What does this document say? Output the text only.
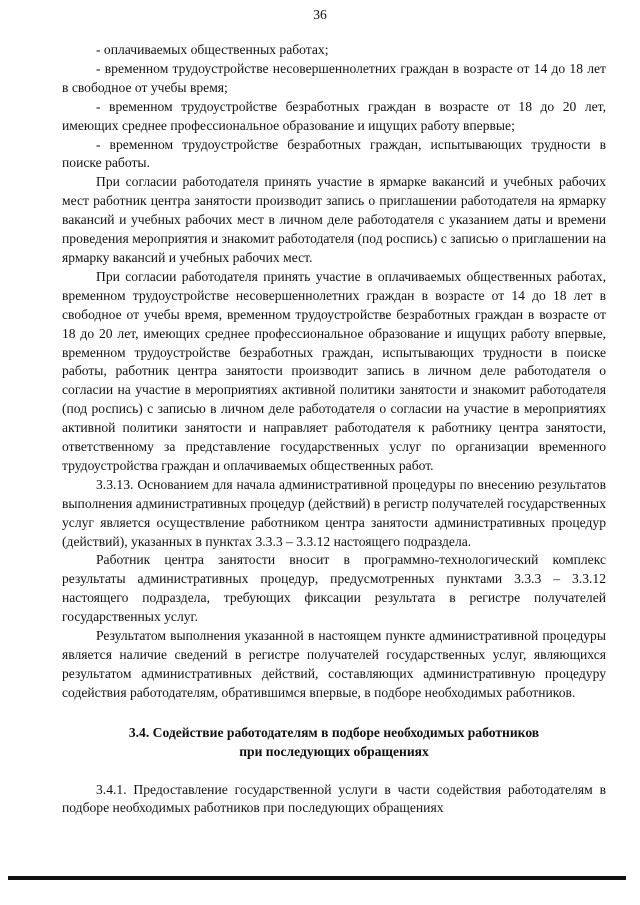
36

- оплачиваемых общественных работах;

- временном трудоустройстве несовершеннолетних граждан в возрасте от 14 до 18 лет в свободное от учебы время;

- временном трудоустройстве безработных граждан в возрасте от 18 до 20 лет, имеющих среднее профессиональное образование и ищущих работу впервые;

- временном трудоустройстве безработных граждан, испытывающих трудности в поиске работы.

При согласии работодателя принять участие в ярмарке вакансий и учебных рабочих мест работник центра занятости производит запись о приглашении работодателя на ярмарку вакансий и учебных рабочих мест в личном деле работодателя с указанием даты и времени проведения мероприятия и знакомит работодателя (под роспись) с записью о приглашении на ярмарку вакансий и учебных рабочих мест.

При согласии работодателя принять участие в оплачиваемых общественных работах, временном трудоустройстве несовершеннолетних граждан в возрасте от 14 до 18 лет в свободное от учебы время, временном трудоустройстве безработных граждан в возрасте от 18 до 20 лет, имеющих среднее профессиональное образование и ищущих работу впервые, временном трудоустройстве безработных граждан, испытывающих трудности в поиске работы, работник центра занятости производит запись в личном деле работодателя о согласии на участие в мероприятиях активной политики занятости и знакомит работодателя (под роспись) с записью в личном деле работодателя о согласии на участие в мероприятиях активной политики занятости и направляет работодателя к работнику центра занятости, ответственному за представление государственных услуг по организации временного трудоустройства граждан и оплачиваемых общественных работ.

3.3.13. Основанием для начала административной процедуры по внесению результатов выполнения административных процедур (действий) в регистр получателей государственных услуг является осуществление работником центра занятости административных процедур (действий), указанных в пунктах 3.3.3 – 3.3.12 настоящего подраздела.

Работник центра занятости вносит в программно-технологический комплекс результаты административных процедур, предусмотренных пунктами 3.3.3 – 3.3.12 настоящего подраздела, требующих фиксации результата в регистре получателей государственных услуг.

Результатом выполнения указанной в настоящем пункте административной процедуры является наличие сведений в регистре получателей государственных услуг, являющихся результатом административных действий, составляющих административную процедуру содействия работодателям, обратившимся впервые, в подборе необходимых работников.

3.4. Содействие работодателям в подборе необходимых работников
при последующих обращениях

3.4.1. Предоставление государственной услуги в части содействия работодателям в подборе необходимых работников при последующих обращениях
